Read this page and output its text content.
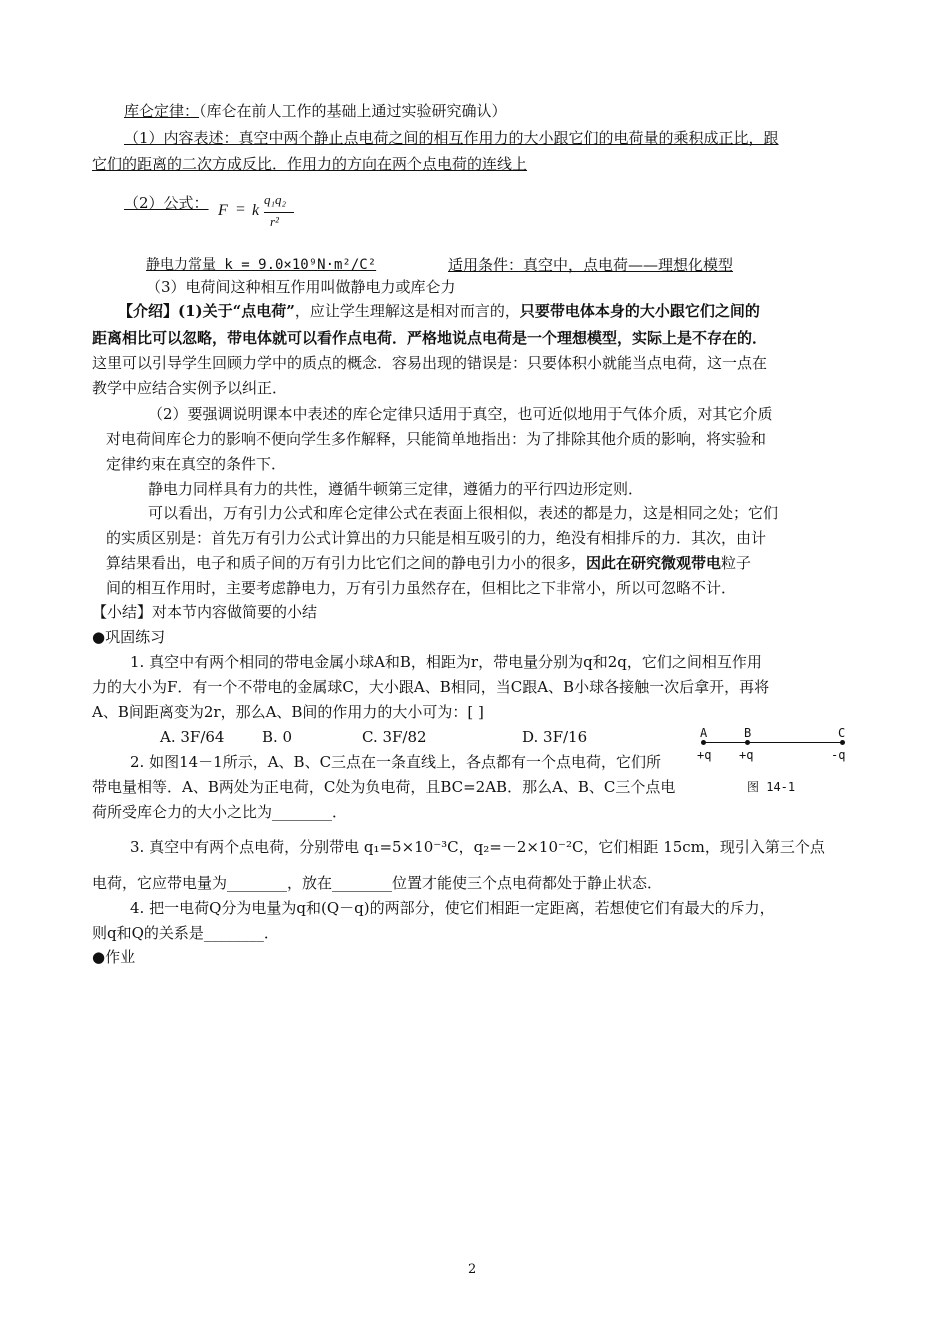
库仑定律：（库仑在前人工作的基础上通过实验研究确认）
（1）内容表述：真空中两个静止点电荷之间的相互作用力的大小跟它们的电荷量的乘积成正比，跟
它们的距离的二次方成反比．作用力的方向在两个点电荷的连线上
（2）公式： F = k
q₁q₂
r²
静电力常量 k = 9.0×10⁹N·m²/C²	适用条件：真空中，点电荷——理想化模型
（3）电荷间这种相互作用叫做静电力或库仑力
【介绍】(1)关于“点电荷”，应让学生理解这是相对而言的，只要带电体本身的大小跟它们之间的
距离相比可以忽略，带电体就可以看作点电荷．严格地说点电荷是一个理想模型，实际上是不存在的．
这里可以引导学生回顾力学中的质点的概念．容易出现的错误是：只要体积小就能当点电荷，这一点在
教学中应结合实例予以纠正．
（2）要强调说明课本中表述的库仑定律只适用于真空，也可近似地用于气体介质，对其它介质
对电荷间库仑力的影响不便向学生多作解释，只能简单地指出：为了排除其他介质的影响，将实验和
定律约束在真空的条件下．
静电力同样具有力的共性，遵循牛顿第三定律，遵循力的平行四边形定则．
可以看出，万有引力公式和库仑定律公式在表面上很相似，表述的都是力，这是相同之处；它们
的实质区别是：首先万有引力公式计算出的力只能是相互吸引的力，绝没有相排斥的力．其次，由计
算结果看出，电子和质子间的万有引力比它们之间的静电引力小的很多，因此在研究微观带电粒子
间的相互作用时，主要考虑静电力，万有引力虽然存在，但相比之下非常小，所以可忽略不计．
【小结】对本节内容做简要的小结
●巩固练习
1. 真空中有两个相同的带电金属小球A和B，相距为r，带电量分别为q和2q，它们之间相互作用
力的大小为F．有一个不带电的金属球C，大小跟A、B相同，当C跟A、B小球各接触一次后拿开，再将
A、B间距离变为2r，那么A、B间的作用力的大小可为：[ ]
A. 3F/64	B. 0	C. 3F/82	D. 3F/16
2. 如图14－1所示，A、B、C三点在一条直线上，各点都有一个点电荷，它们所
带电量相等．A、B两处为正电荷，C处为负电荷，且BC=2AB．那么A、B、C三个点电
荷所受库仑力的大小之比为________．
A	B	C
+q +q	-q
图 14-1
3. 真空中有两个点电荷，分别带电 q₁=5×10⁻³C，q₂=－2×10⁻²C，它们相距 15cm，现引入第三个点
电荷，它应带电量为________，放在________位置才能使三个点电荷都处于静止状态．
4. 把一电荷Q分为电量为q和(Q－q)的两部分，使它们相距一定距离，若想使它们有最大的斥力，
则q和Q的关系是________．
●作业
2
